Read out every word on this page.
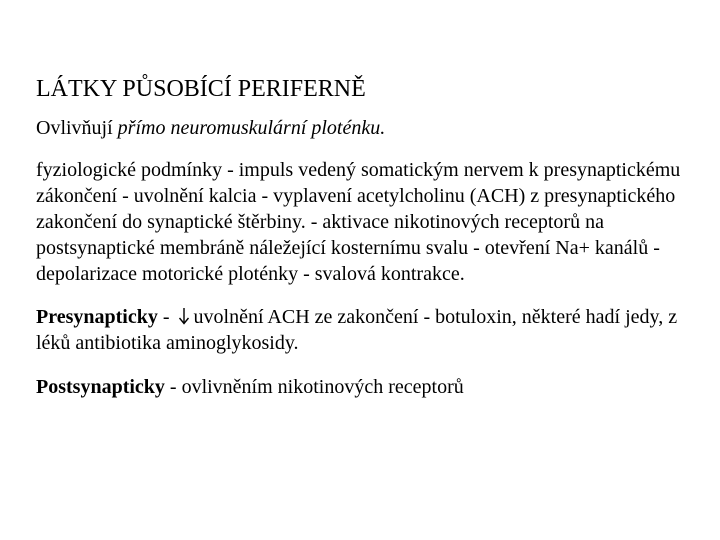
LÁTKY PŮSOBÍCÍ PERIFERNĚ
Ovlivňují přímo neuromuskulární ploténku.
fyziologické podmínky - impuls vedený somatickým nervem k presynaptickému zákončení - uvolnění kalcia - vyplavení acetylcholinu (ACH) z presynaptického zakončení do synaptické štěrbiny. - aktivace nikotinových receptorů na postsynaptické membráně náležející kosternímu svalu - otevření Na+ kanálů - depolarizace motorické ploténky - svalová kontrakce.
Presynapticky - uvolnění ACH ze zakončení - botuloxin, některé hadí jedy, z léků antibiotika aminoglykosidy.
Postsynapticky - ovlivněním nikotinových receptorů
